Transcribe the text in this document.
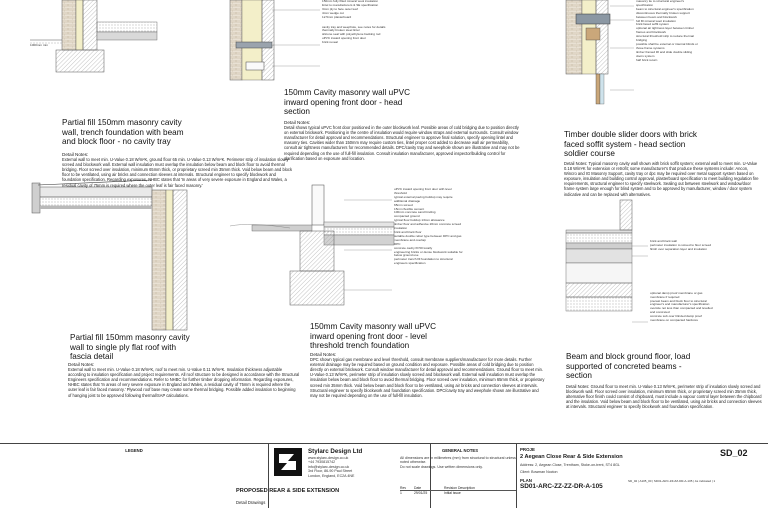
Partial fill 150mm masonry cavity
wall, trench foundation with beam
and block floor - no cavity tray
Detail Notes:
External wall to meet min. U-Value 0.18 W/m²K, ground floor 65 min. U-Value 0.13 W/m²K. Perimeter strip of insulation slowly screed and blockwork wall. External wall insulation must overlap the insulation below beam and block floor to avoid thermal bridging. Floor screed over insulation, minimum 65mm thick, or proprietary screed min 35mm thick. Void below beam and block floor to be ventilated, using air bricks and connection sleeves at intervals. Structural engineer to specify blockwork and foundation specification. Regarding exposures, NHBC states that 'In areas of very severe exposure in England and Wales, a residual cavity of 75mm is required where the outer leaf is fair faced masonry.'
1000mm min
Partial fill 150mm masonry cavity
wall to single ply flat roof with
fascia detail
Detail Notes:
External wall to meet min. U-Value 0.18 W/m²K, roof to meet min. U-Value 0.11 W/m²K. Insulation thickness adjustable according to insulation specification and project requirements. All roof structure to be designed in accordance with the Structural Engineers specification and recommendations. Refer to NHBC for further timber dropping information. Regarding exposures, NHBC states that 'In areas of very severe exposure in England and Wales, a residual cavity of 75mm is required where the outer leaf is fair faced masonry.' Plywood roof base may create some thermal bridging. Possible added insulation to beginning of hanging joist to be approved following thermal/SAP calculations.
150mm fully filled mineral wool insulation
lintel to manufacturers & SE specification
3mm ply to face outer leaf
4mm wedge cut
12.5mm plasterboard
cavity tray and weephole, see notes for details
thermally broken steel lintel
silicone seal with polyethylene backing rod
uPVC inward opening front door
brick reveal
150mm Cavity masonry wall uPVC
inward opening front door - head
section
Detail Notes:
Detail shows typical uPVC front door positioned in the outer blockwork leaf. Possible areas of cold bridging due to position directly on external brickwork. Positioning in the centre of insulation would require window straps and external surrounds. Consult window manufacturer for detail approval and recommendations. Structural engineer to approve final solution, specify opening lintel and masonry ties. Cavities wider than 150mm may require custom ties, lintel proper cost added to decrease wall air permeability, consult air tightness manufacturers for recommended details. DPC/cavity tray and weephole shown are illustrative and may not be required depending on the use of full-fill insulation. Consult insulation manufacturer, approved inspector/building control for clarification based on exposure and location.
uPVC inward opening front door with level threshold
typical external paving buildup may require additional drainage
65mm screed
15mm flexible cement
100mm concrete sand binding
compacted ground
typical floor buildup 13mm allowance
timber floor and adhesive 20mm concrete screed
insulation
brick and block floor
suitable double rebar type between DPC and gas membrane and overlap
DPC
concrete cavity fill 50 locally
engineering bricks or dense blockwork suitable for below ground use
perimeter trench fill foundation to structural engineers specification
150mm Cavity masonry wall uPVC
inward opening front door - level
threshold trench foundation
Detail Notes:
DPC shown typical gas membrane and level threshold, consult membrane suppliers/manufacturer for more details. Further external drainage may be required based on ground condition and exposure. Possible areas of cold bridging due to position directly on external brickwork. Consult window manufacturer for detail approval and recommendations. Ground floor to meet min. U-Value 0.13 W/m²K, perimeter strip of insulation slowly screed and blockwork wall. External wall insulation must overlap the insulation below beam and block floor to avoid thermal bridging. Floor screed over insulation, minimum 65mm thick, or proprietary screed min 35mm thick. Void below beam and block floor to be ventilated, using air bricks and connection sleeves at intervals. Structural engineer to specify blockwork and foundation specification. DPC/cavity tray and weephole shown are illustrative and may not be required depending on the use of full-fill insulation.
masonry tie to structural engineer's specification
beam to structural engineer's specification
discontinuous thermally broken support between beam and blockwork
full fill mineral wool insulation
brick faced soffit system
optional air tightness layer between timber frames and blockwork
structural threshold strip to reduce thermal bridging
possible shall be external or internal blinds or those frame systems
timber framed lift and slide double sliding doors system
half brick return
Timber double slider doors with brick
faced soffit system - head section
soldier course
Detail Notes: Typical masonry cavity wall shown with brick soffit system; external wall to meet min. U-Value 0.18 W/m²K for extension or retrofit; some manufacturer's that produce these systems include: Ancon, Wincro and IG Masonry Support, cavity tray or dpc may be required over metal support system based on exposure, insulation and building control approval, plasterboard specification to meet building regulation fire requirements, structural engineer to specify steelwork. Sealing out between steelwork and window/door frame system large enough for blind system and to be approved by manufacturer, window / door system indicative and can be replaced with alternatives.
brick and block wall
perimeter insulation to screed to floor screed finish over separation layer and insulation
optional damp proof membrane or gas membrane if required
precast beam and block floor to structural engineer's and manufacturer's specification
oversite not less than compacted and levelled and concreted
concrete sub over blinded damp proof membrane on compacted hardcore
Beam and block ground floor, load
supported of concreted beams -
section
Detail Notes: Ground floor to meet min. U-Value 0.13 W/m²K, perimeter strip of insulation slowly screed and blockwork wall. Floor screed over insulation, minimum 65mm thick, or proprietary screed min 35mm thick, alternative floor finish could consist of chipboard, must include a vapour control layer between the chipboard and the insulation. Void below beam and block floor to be ventilated, using air bricks and connection sleeves at intervals. Structural engineer to specify blockwork and foundation specification.
LEGEND	Stylarc Design Ltd
www.stylarc-design.co.uk
+44 7930815742
info@stylarc-design.co.uk
3rd Floor, 86-90 Paul Street
London, England, EC2A 4NE
PROPOSED REAR & SIDE EXTENSION
Detail Drawings
GENERAL NOTES
All dimensions are in millimetres (mm) from structural to structural unless noted otherwise.
Do not scale drawings. Use written dimensions only.
Rev	Date	Revision Description
1	29/01/25	Initial issue
PROJE
2 Aegean Close Rear & Side Extension	SD_02
Address: 2, Aegean Close, Trentham, Stoke-on-trent, ST4 8GL
Client: Bowman Nocton
PLAN
SD01-ARC-ZZ-ZZ-DR-A-105
SD_02 | A105_00 | SD01-ARC-ZZ-ZZ-DR-A-105 | As indicated | 1
